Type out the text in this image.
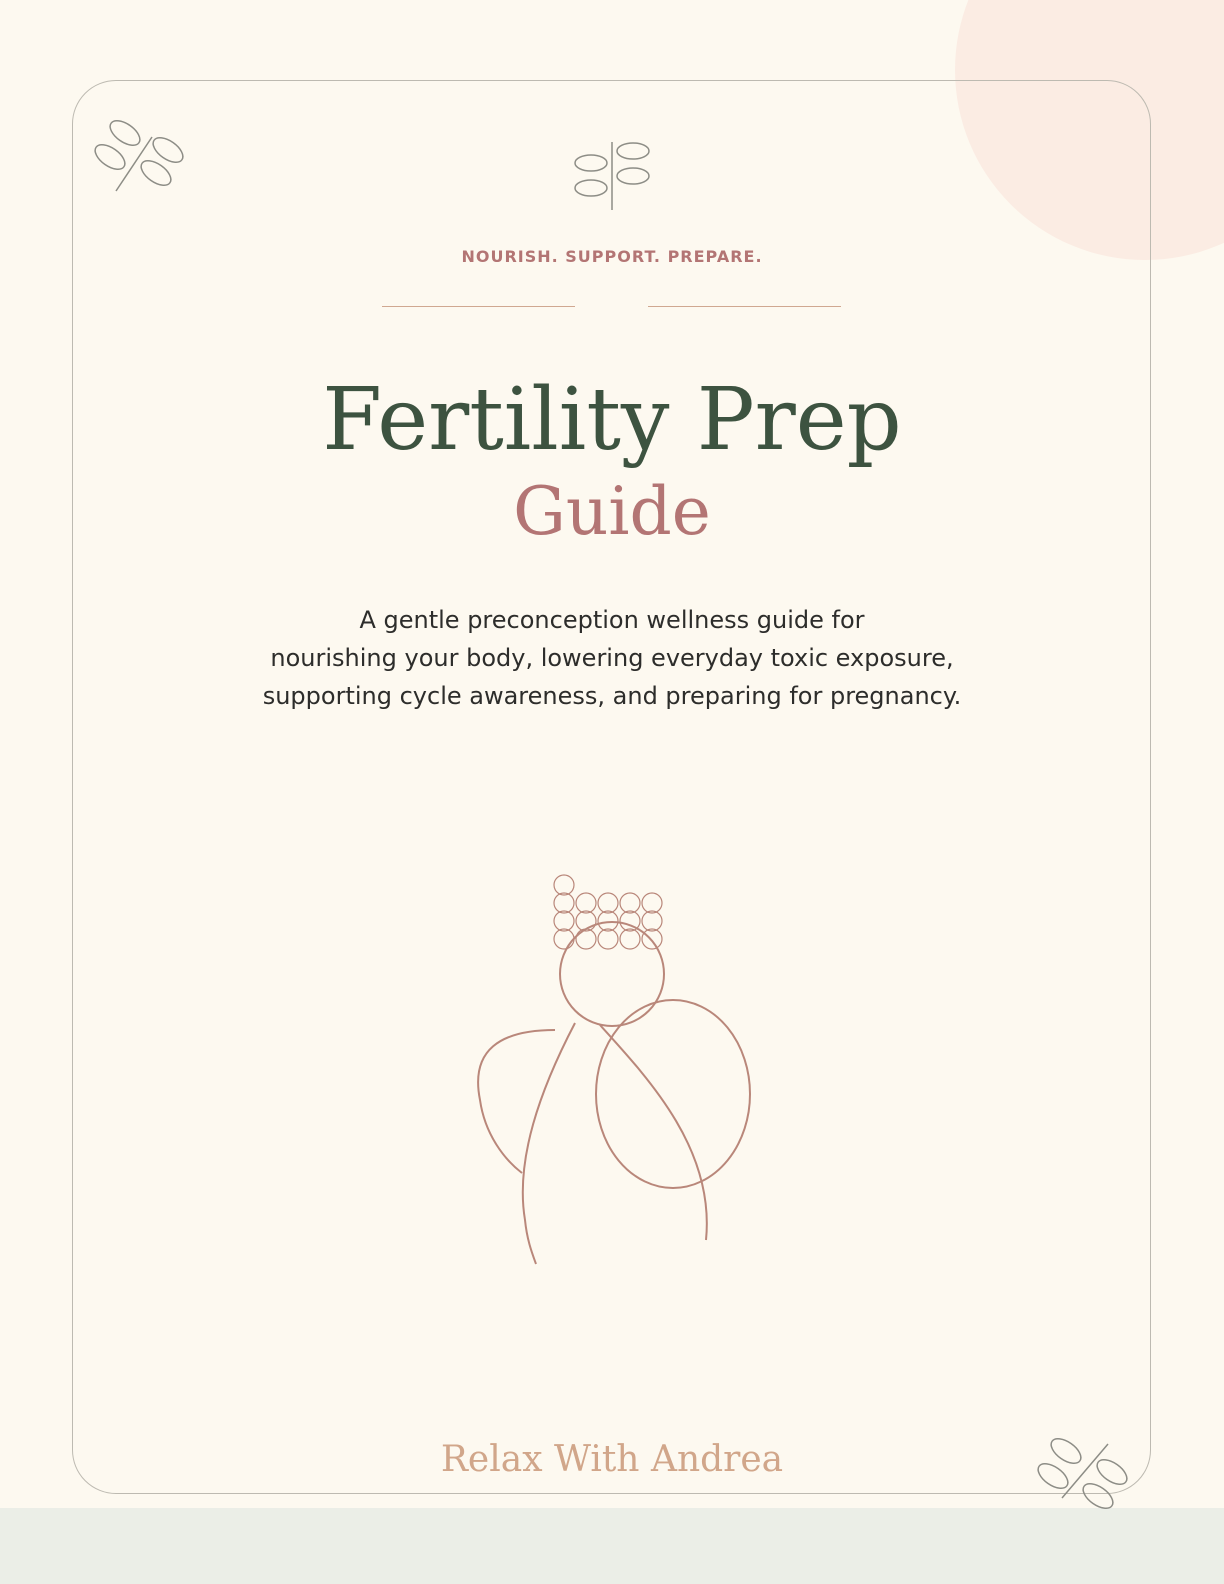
NOURISH. SUPPORT. PREPARE.
Fertility Prep
Guide
A gentle preconception wellness guide for
nourishing your body, lowering everyday toxic exposure,
supporting cycle awareness, and preparing for pregnancy.
Relax With Andrea
